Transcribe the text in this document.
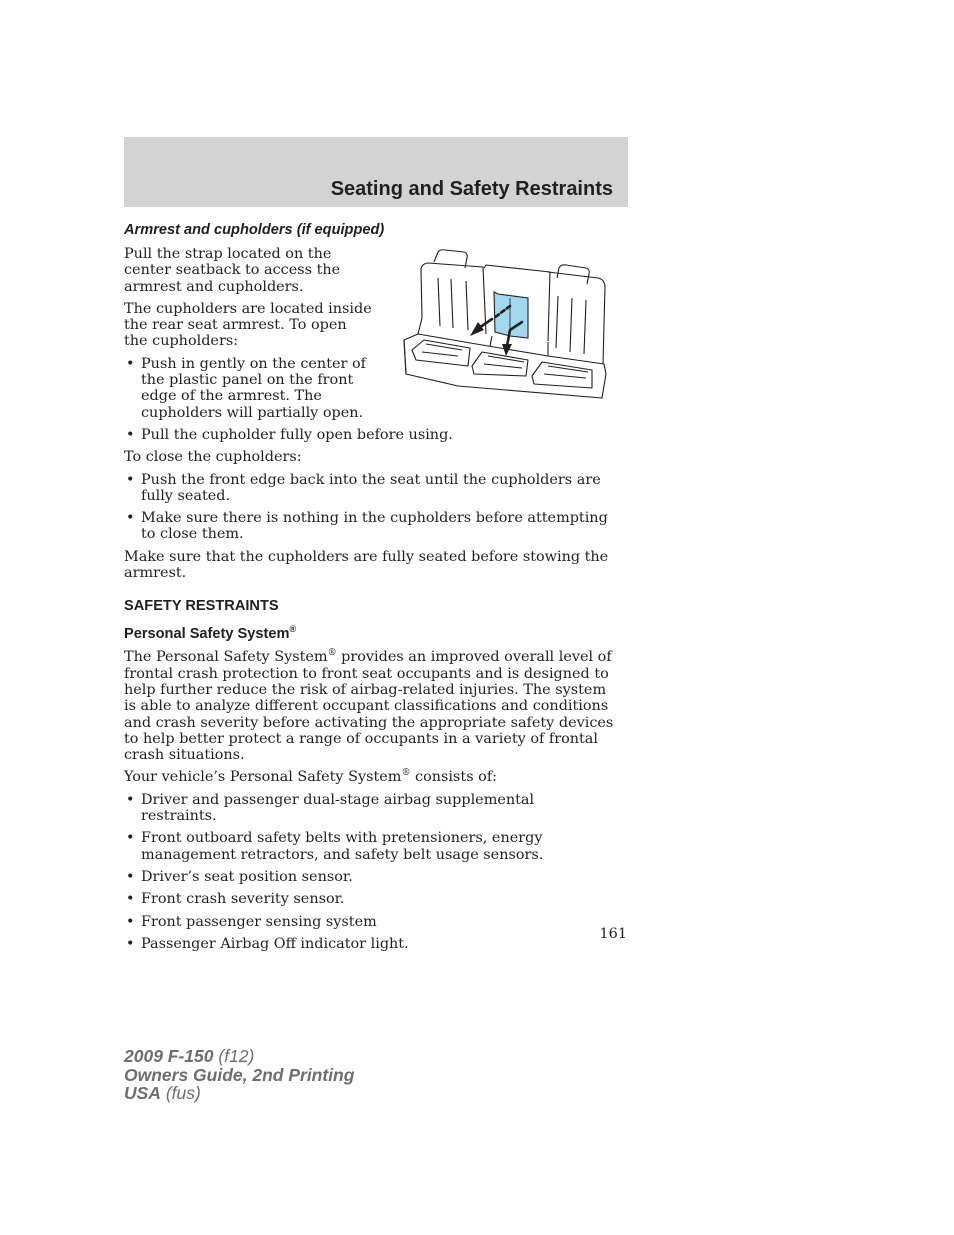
Seating and Safety Restraints
Armrest and cupholders (if equipped)

Pull the strap located on the center seatback to access the armrest and cupholders.

The cupholders are located inside the rear seat armrest. To open the cupholders:

• Push in gently on the center of the plastic panel on the front edge of the armrest. The cupholders will partially open.
• Pull the cupholder fully open before using.

To close the cupholders:

• Push the front edge back into the seat until the cupholders are fully seated.
• Make sure there is nothing in the cupholders before attempting to close them.

Make sure that the cupholders are fully seated before stowing the armrest.

SAFETY RESTRAINTS
Personal Safety System®

The Personal Safety System® provides an improved overall level of frontal crash protection to front seat occupants and is designed to help further reduce the risk of airbag-related injuries. The system is able to analyze different occupant classifications and conditions and crash severity before activating the appropriate safety devices to help better protect a range of occupants in a variety of frontal crash situations.

Your vehicle’s Personal Safety System® consists of:

• Driver and passenger dual-stage airbag supplemental restraints.
• Front outboard safety belts with pretensioners, energy management retractors, and safety belt usage sensors.
• Driver’s seat position sensor.
• Front crash severity sensor.
• Front passenger sensing system
• Passenger Airbag Off indicator light.
161
2009 F-150 (f12)
Owners Guide, 2nd Printing
USA (fus)
